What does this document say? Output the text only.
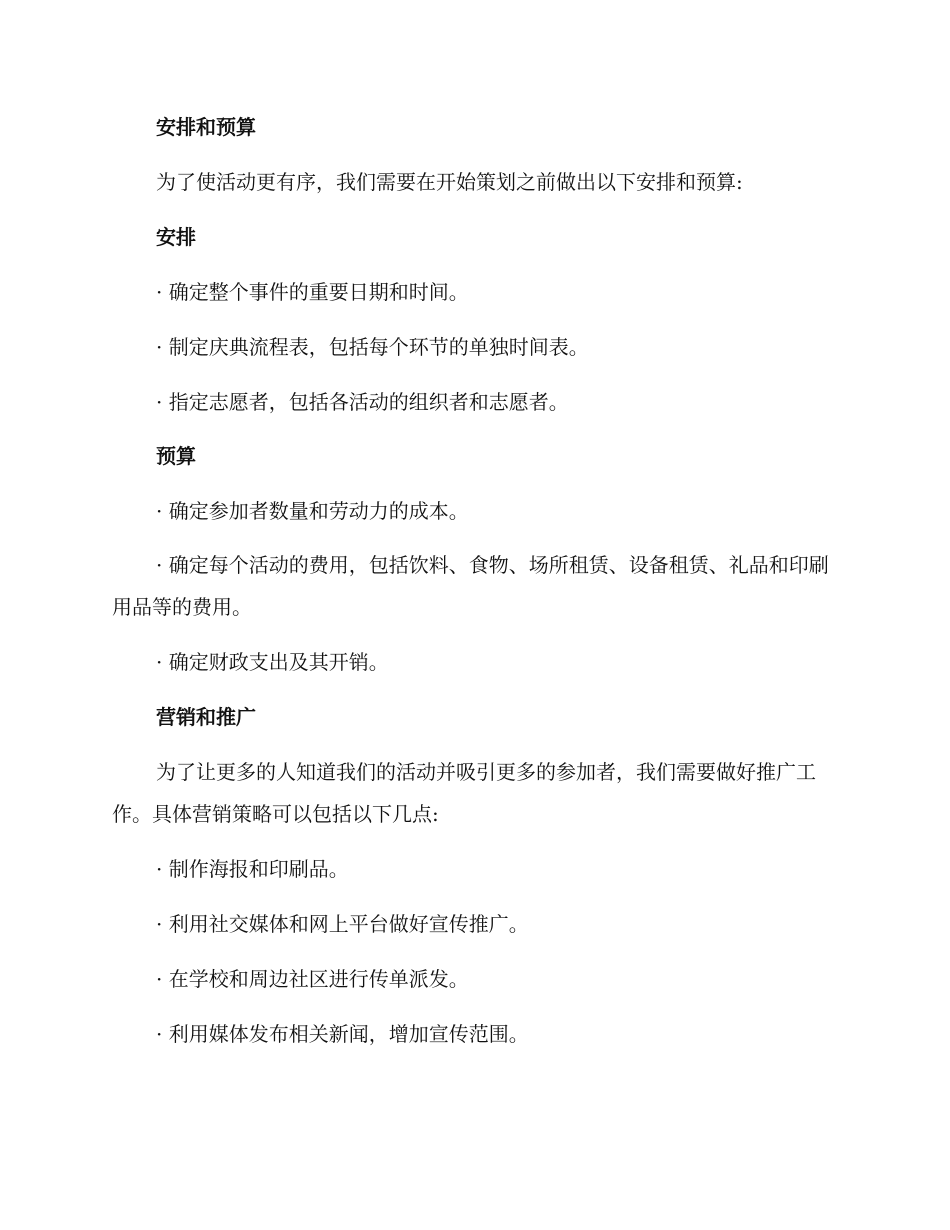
安排和预算
为了使活动更有序，我们需要在开始策划之前做出以下安排和预算:
安排
· 确定整个事件的重要日期和时间。
· 制定庆典流程表，包括每个环节的单独时间表。
· 指定志愿者，包括各活动的组织者和志愿者。
预算
· 确定参加者数量和劳动力的成本。
· 确定每个活动的费用，包括饮料、食物、场所租赁、设备租赁、礼品和印刷用品等的费用。
· 确定财政支出及其开销。
营销和推广
为了让更多的人知道我们的活动并吸引更多的参加者，我们需要做好推广工作。具体营销策略可以包括以下几点:
· 制作海报和印刷品。
· 利用社交媒体和网上平台做好宣传推广。
· 在学校和周边社区进行传单派发。
· 利用媒体发布相关新闻，增加宣传范围。
